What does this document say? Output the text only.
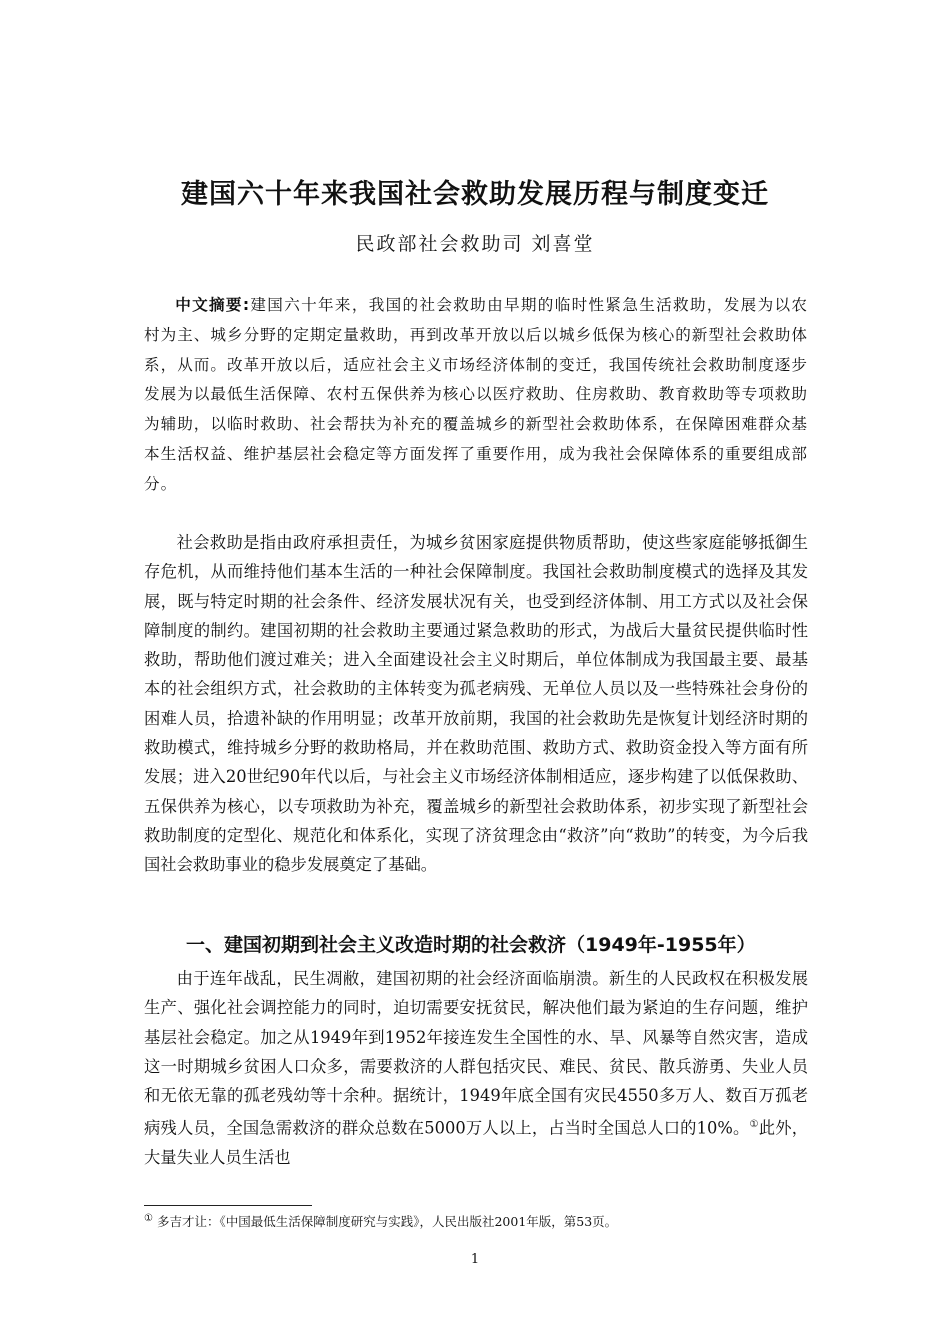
建国六十年来我国社会救助发展历程与制度变迁
民政部社会救助司 刘喜堂

中文摘要:建国六十年来，我国的社会救助由早期的临时性紧急生活救助，发展为以农村为主、城乡分野的定期定量救助，再到改革开放以后以城乡低保为核心的新型社会救助体系，从而。改革开放以后，适应社会主义市场经济体制的变迁，我国传统社会救助制度逐步发展为以最低生活保障、农村五保供养为核心以医疗救助、住房救助、教育救助等专项救助为辅助，以临时救助、社会帮扶为补充的覆盖城乡的新型社会救助体系，在保障困难群众基本生活权益、维护基层社会稳定等方面发挥了重要作用，成为我社会保障体系的重要组成部分。

社会救助是指由政府承担责任，为城乡贫困家庭提供物质帮助，使这些家庭能够抵御生存危机，从而维持他们基本生活的一种社会保障制度。我国社会救助制度模式的选择及其发展，既与特定时期的社会条件、经济发展状况有关，也受到经济体制、用工方式以及社会保障制度的制约。建国初期的社会救助主要通过紧急救助的形式，为战后大量贫民提供临时性救助，帮助他们渡过难关；进入全面建设社会主义时期后，单位体制成为我国最主要、最基本的社会组织方式，社会救助的主体转变为孤老病残、无单位人员以及一些特殊社会身份的困难人员，拾遗补缺的作用明显；改革开放前期，我国的社会救助先是恢复计划经济时期的救助模式，维持城乡分野的救助格局，并在救助范围、救助方式、救助资金投入等方面有所发展；进入20世纪90年代以后，与社会主义市场经济体制相适应，逐步构建了以低保救助、五保供养为核心，以专项救助为补充，覆盖城乡的新型社会救助体系，初步实现了新型社会救助制度的定型化、规范化和体系化，实现了济贫理念由“救济”向“救助”的转变，为今后我国社会救助事业的稳步发展奠定了基础。

一、建国初期到社会主义改造时期的社会救济（1949年-1955年）

由于连年战乱，民生凋敝，建国初期的社会经济面临崩溃。新生的人民政权在积极发展生产、强化社会调控能力的同时，迫切需要安抚贫民，解决他们最为紧迫的生存问题，维护基层社会稳定。加之从1949年到1952年接连发生全国性的水、旱、风暴等自然灾害，造成这一时期城乡贫困人口众多，需要救济的人群包括灾民、难民、贫民、散兵游勇、失业人员和无依无靠的孤老残幼等十余种。据统计，1949年底全国有灾民4550多万人、数百万孤老病残人员，全国急需救济的群众总数在5000万人以上，占当时全国总人口的10%。①此外，大量失业人员生活也

① 多吉才让：《中国最低生活保障制度研究与实践》，人民出版社2001年版，第53页。
1
